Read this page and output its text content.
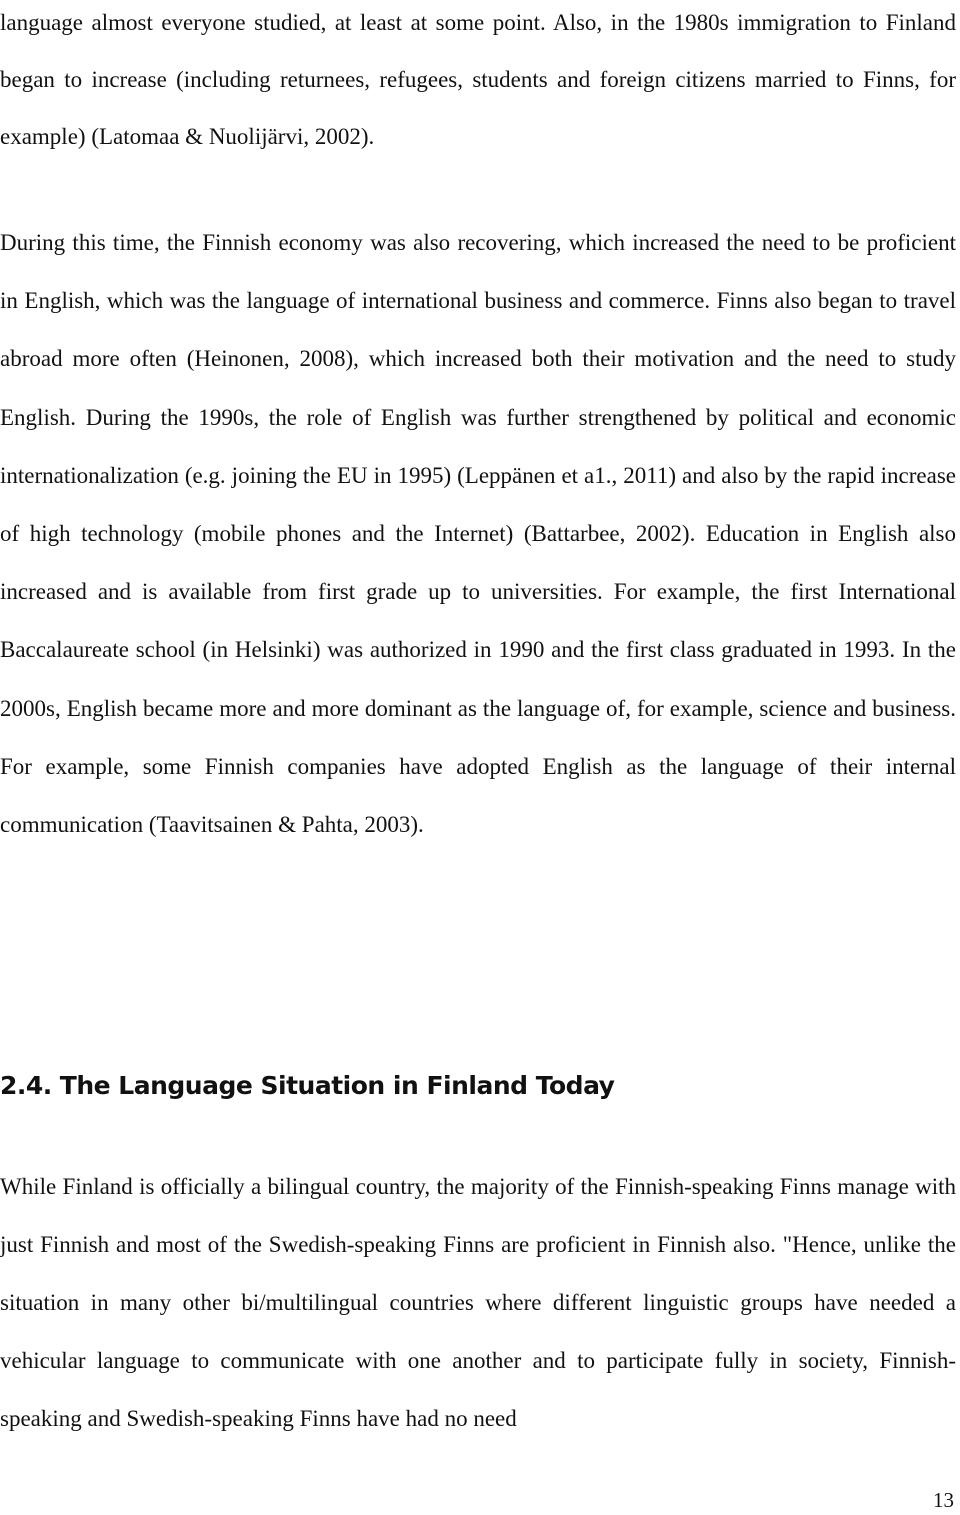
language almost everyone studied, at least at some point. Also, in the 1980s immigration to Finland began to increase (including returnees, refugees, students and foreign citizens married to Finns, for example) (Latomaa & Nuolijärvi, 2002).

During this time, the Finnish economy was also recovering, which increased the need to be proficient in English, which was the language of international business and commerce. Finns also began to travel abroad more often (Heinonen, 2008), which increased both their motivation and the need to study English. During the 1990s, the role of English was further strengthened by political and economic internationalization (e.g. joining the EU in 1995) (Leppänen et a1., 2011) and also by the rapid increase of high technology (mobile phones and the Internet) (Battarbee, 2002). Education in English also increased and is available from first grade up to universities. For example, the first International Baccalaureate school (in Helsinki) was authorized in 1990 and the first class graduated in 1993. In the 2000s, English became more and more dominant as the language of, for example, science and business. For example, some Finnish companies have adopted English as the language of their internal communication (Taavitsainen & Pahta, 2003).

2.4. The Language Situation in Finland Today

While Finland is officially a bilingual country, the majority of the Finnish-speaking Finns manage with just Finnish and most of the Swedish-speaking Finns are proficient in Finnish also. "Hence, unlike the situation in many other bi/multilingual countries where different linguistic groups have needed a vehicular language to communicate with one another and to participate fully in society, Finnish-speaking and Swedish-speaking Finns have had no need

13
